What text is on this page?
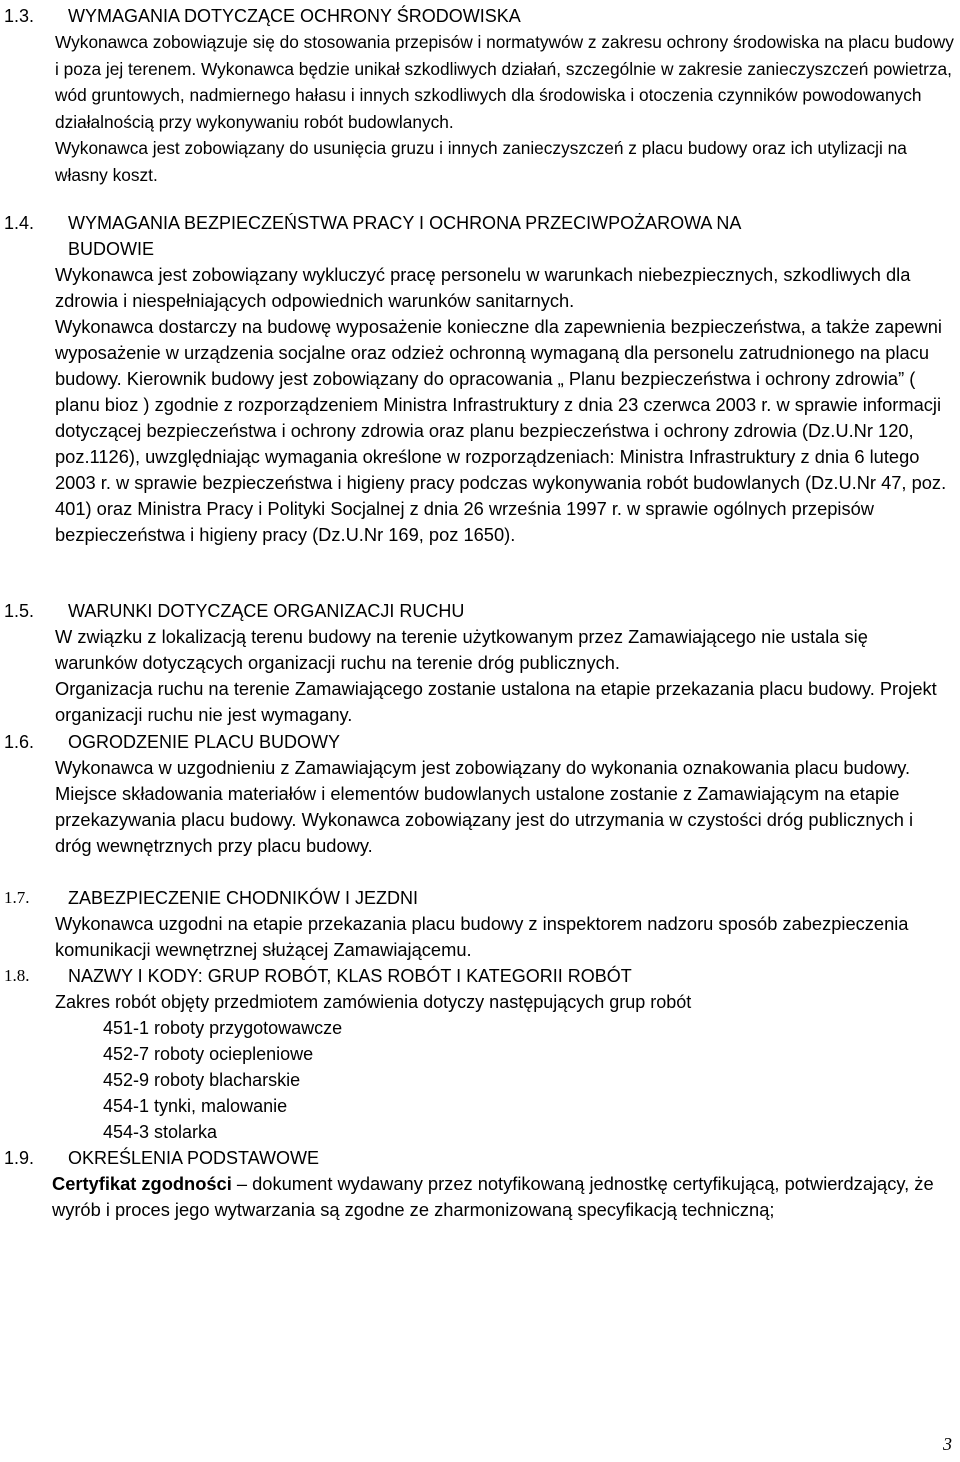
1.3. WYMAGANIA DOTYCZĄCE OCHRONY ŚRODOWISKA

Wykonawca zobowiązuje się do stosowania przepisów i normatywów z zakresu ochrony środowiska na placu budowy i poza jej terenem. Wykonawca będzie unikał szkodliwych działań, szczególnie w zakresie zanieczyszczeń powietrza, wód gruntowych, nadmiernego hałasu i innych szkodliwych dla środowiska i otoczenia czynników powodowanych działalnością przy wykonywaniu robót budowlanych.

Wykonawca jest zobowiązany do usunięcia gruzu i innych zanieczyszczeń z placu budowy oraz ich utylizacji na własny koszt.

1.4. WYMAGANIA BEZPIECZEŃSTWA PRACY I OCHRONA PRZECIWPOŻAROWA NA
BUDOWIE

Wykonawca jest zobowiązany wykluczyć pracę personelu w warunkach niebezpiecznych, szkodliwych dla zdrowia i niespełniających odpowiednich warunków sanitarnych.

Wykonawca dostarczy na budowę wyposażenie konieczne dla zapewnienia bezpieczeństwa, a także zapewni wyposażenie w urządzenia socjalne oraz odzież ochronną wymaganą dla personelu zatrudnionego na placu budowy. Kierownik budowy jest zobowiązany do opracowania „ Planu bezpieczeństwa i ochrony zdrowia” ( planu bioz ) zgodnie z rozporządzeniem Ministra Infrastruktury z dnia 23 czerwca 2003 r. w sprawie informacji dotyczącej bezpieczeństwa i ochrony zdrowia oraz planu bezpieczeństwa i ochrony zdrowia (Dz.U.Nr 120, poz.1126), uwzględniając wymagania określone w rozporządzeniach: Ministra Infrastruktury z dnia 6 lutego 2003 r. w sprawie bezpieczeństwa i higieny pracy podczas wykonywania robót budowlanych (Dz.U.Nr 47, poz. 401) oraz Ministra Pracy i Polityki Socjalnej z dnia 26 września 1997 r. w sprawie ogólnych przepisów bezpieczeństwa i higieny pracy (Dz.U.Nr 169, poz 1650).

1.5. WARUNKI DOTYCZĄCE ORGANIZACJI RUCHU

W związku z lokalizacją terenu budowy na terenie użytkowanym przez Zamawiającego nie ustala się warunków dotyczących organizacji ruchu na terenie dróg publicznych.

Organizacja ruchu na terenie Zamawiającego zostanie ustalona na etapie przekazania placu budowy. Projekt organizacji ruchu nie jest wymagany.

1.6. OGRODZENIE PLACU BUDOWY

Wykonawca w uzgodnieniu z Zamawiającym jest zobowiązany do wykonania oznakowania placu budowy. Miejsce składowania materiałów i elementów budowlanych ustalone zostanie z Zamawiającym na etapie przekazywania placu budowy. Wykonawca zobowiązany jest do utrzymania w czystości dróg publicznych i dróg wewnętrznych przy placu budowy.

1.7. ZABEZPIECZENIE CHODNIKÓW I JEZDNI

Wykonawca uzgodni na etapie przekazania placu budowy z inspektorem nadzoru sposób zabezpieczenia komunikacji wewnętrznej służącej Zamawiającemu.

1.8. NAZWY I KODY: GRUP ROBÓT, KLAS ROBÓT I KATEGORII ROBÓT

Zakres robót objęty przedmiotem zamówienia dotyczy następujących grup robót

451-1 roboty przygotowawcze
452-7 roboty ociepleniowe
452-9 roboty blacharskie
454-1 tynki, malowanie
454-3 stolarka
1.9. OKREŚLENIA PODSTAWOWE

Certyfikat zgodności – dokument wydawany przez notyfikowaną jednostkę certyfikującą, potwierdzający, że wyrób i proces jego wytwarzania są zgodne ze zharmonizowaną specyfikacją techniczną;

3
